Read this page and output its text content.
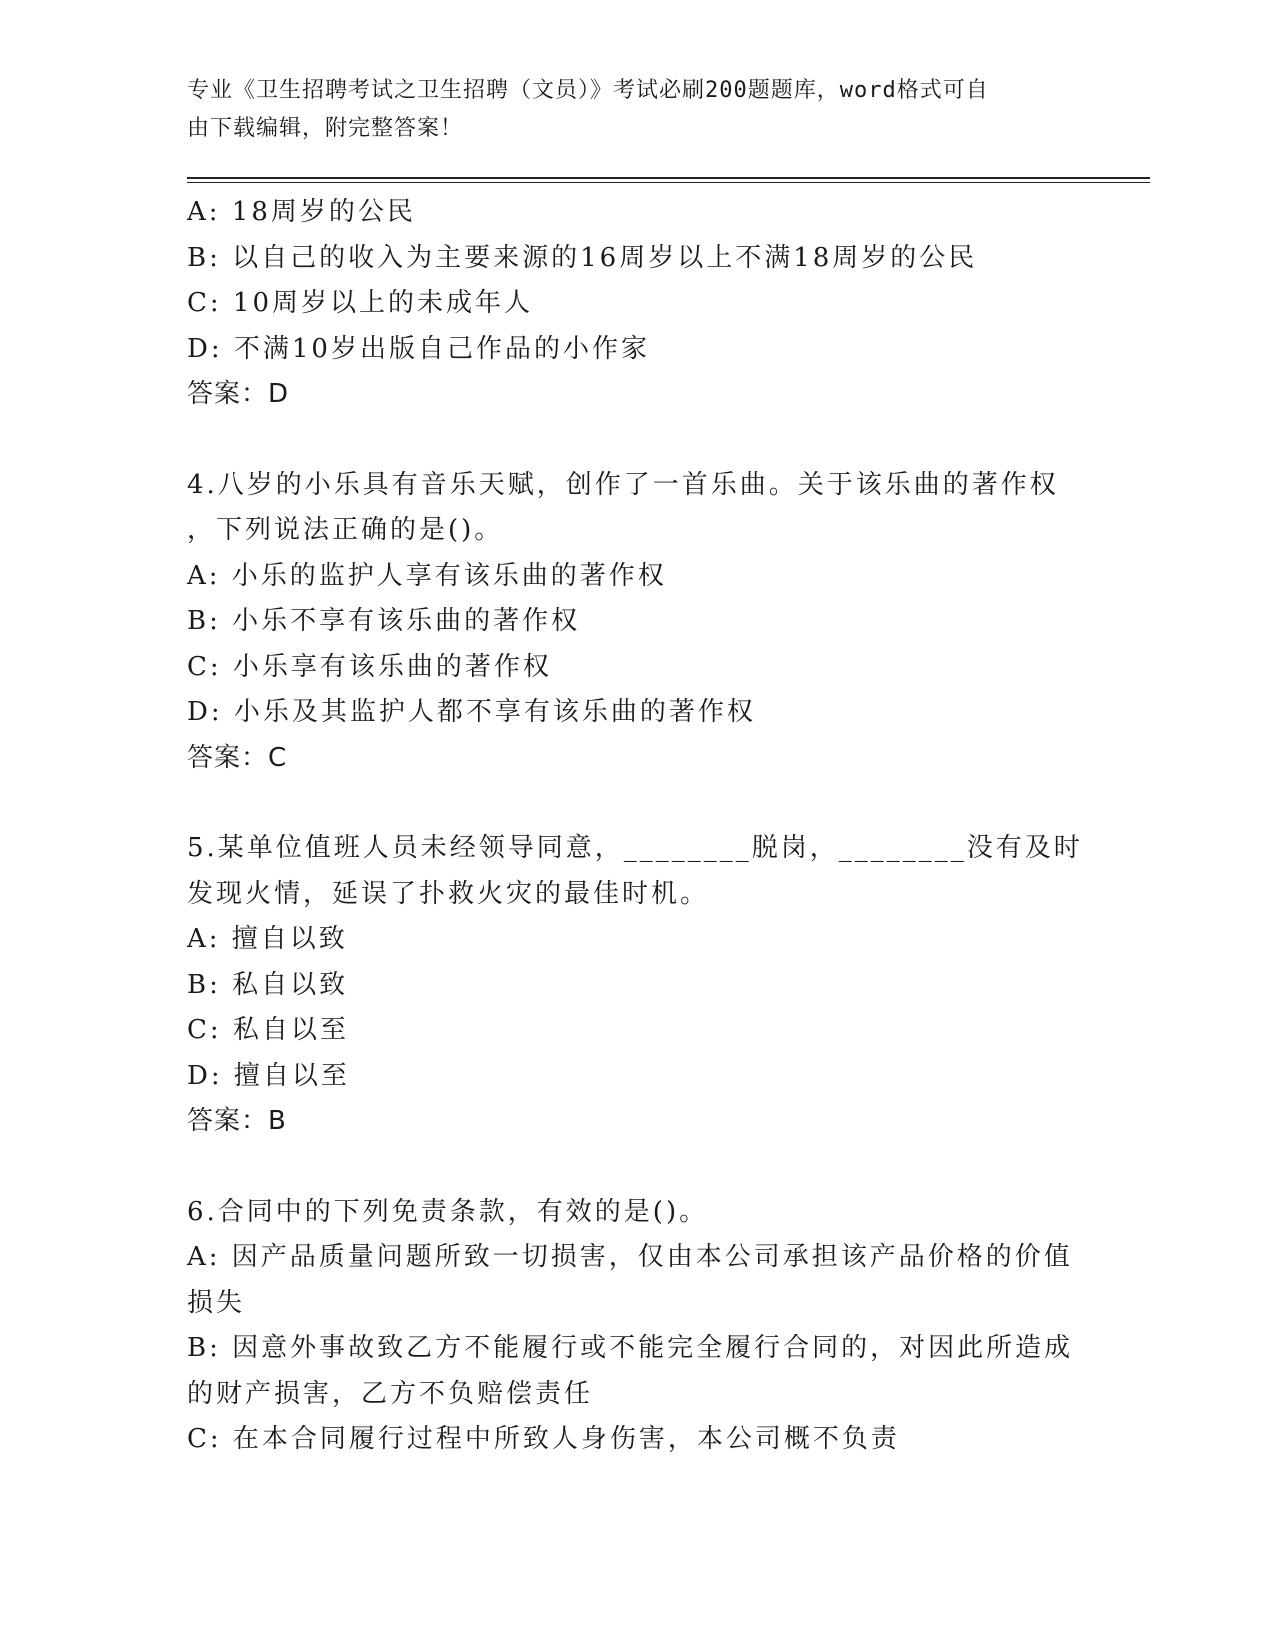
专业《卫生招聘考试之卫生招聘（文员）》考试必刷200题题库，word格式可自
由下载编辑，附完整答案！
A: 18周岁的公民
B: 以自己的收入为主要来源的16周岁以上不满18周岁的公民
C: 10周岁以上的未成年人
D: 不满10岁出版自己作品的小作家
答案：D
4.八岁的小乐具有音乐天赋，创作了一首乐曲。关于该乐曲的著作权
，下列说法正确的是()。
A: 小乐的监护人享有该乐曲的著作权
B: 小乐不享有该乐曲的著作权
C: 小乐享有该乐曲的著作权
D: 小乐及其监护人都不享有该乐曲的著作权
答案：C
5.某单位值班人员未经领导同意，________脱岗，________没有及时
发现火情，延误了扑救火灾的最佳时机。
A: 擅自以致
B: 私自以致
C: 私自以至
D: 擅自以至
答案：B
6.合同中的下列免责条款，有效的是()。
A: 因产品质量问题所致一切损害，仅由本公司承担该产品价格的价值
损失
B: 因意外事故致乙方不能履行或不能完全履行合同的，对因此所造成
的财产损害，乙方不负赔偿责任
C: 在本合同履行过程中所致人身伤害，本公司概不负责
